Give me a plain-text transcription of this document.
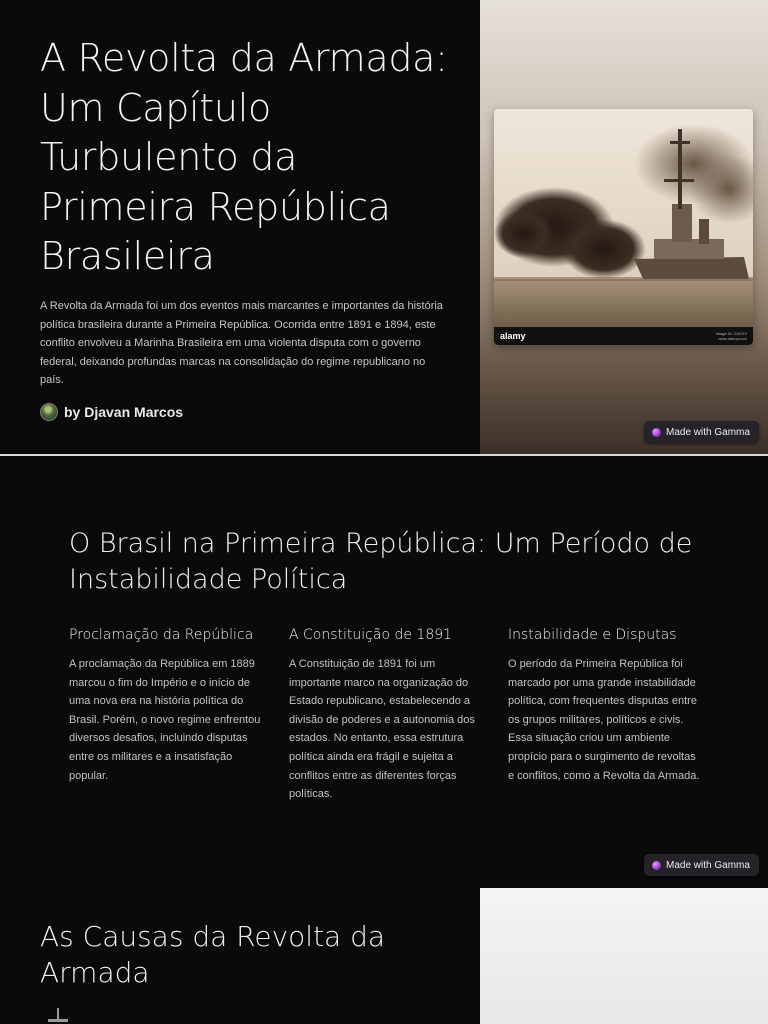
A Revolta da Armada: Um Capítulo Turbulento da Primeira República Brasileira

A Revolta da Armada foi um dos eventos mais marcantes e importantes da história política brasileira durante a Primeira República. Ocorrida entre 1891 e 1894, este conflito envolveu a Marinha Brasileira em uma violenta disputa com o governo federal, deixando profundas marcas na consolidação do regime republicano no país.

by Djavan Marcos
alamy	Image ID: 2AXXX
www.alamy.com
Made with Gamma
O Brasil na Primeira República: Um Período de Instabilidade Política
Proclamação da República

A proclamação da República em 1889 marcou o fim do Império e o início de uma nova era na história política do Brasil. Porém, o novo regime enfrentou diversos desafios, incluindo disputas entre os militares e a insatisfação popular.

A Constituição de 1891

A Constituição de 1891 foi um importante marco na organização do Estado republicano, estabelecendo a divisão de poderes e a autonomia dos estados. No entanto, essa estrutura política ainda era frágil e sujeita a conflitos entre as diferentes forças políticas.

Instabilidade e Disputas

O período da Primeira República foi marcado por uma grande instabilidade política, com frequentes disputas entre os grupos militares, políticos e civis. Essa situação criou um ambiente propício para o surgimento de revoltas e conflitos, como a Revolta da Armada.

Made with Gamma
As Causas da Revolta da Armada
